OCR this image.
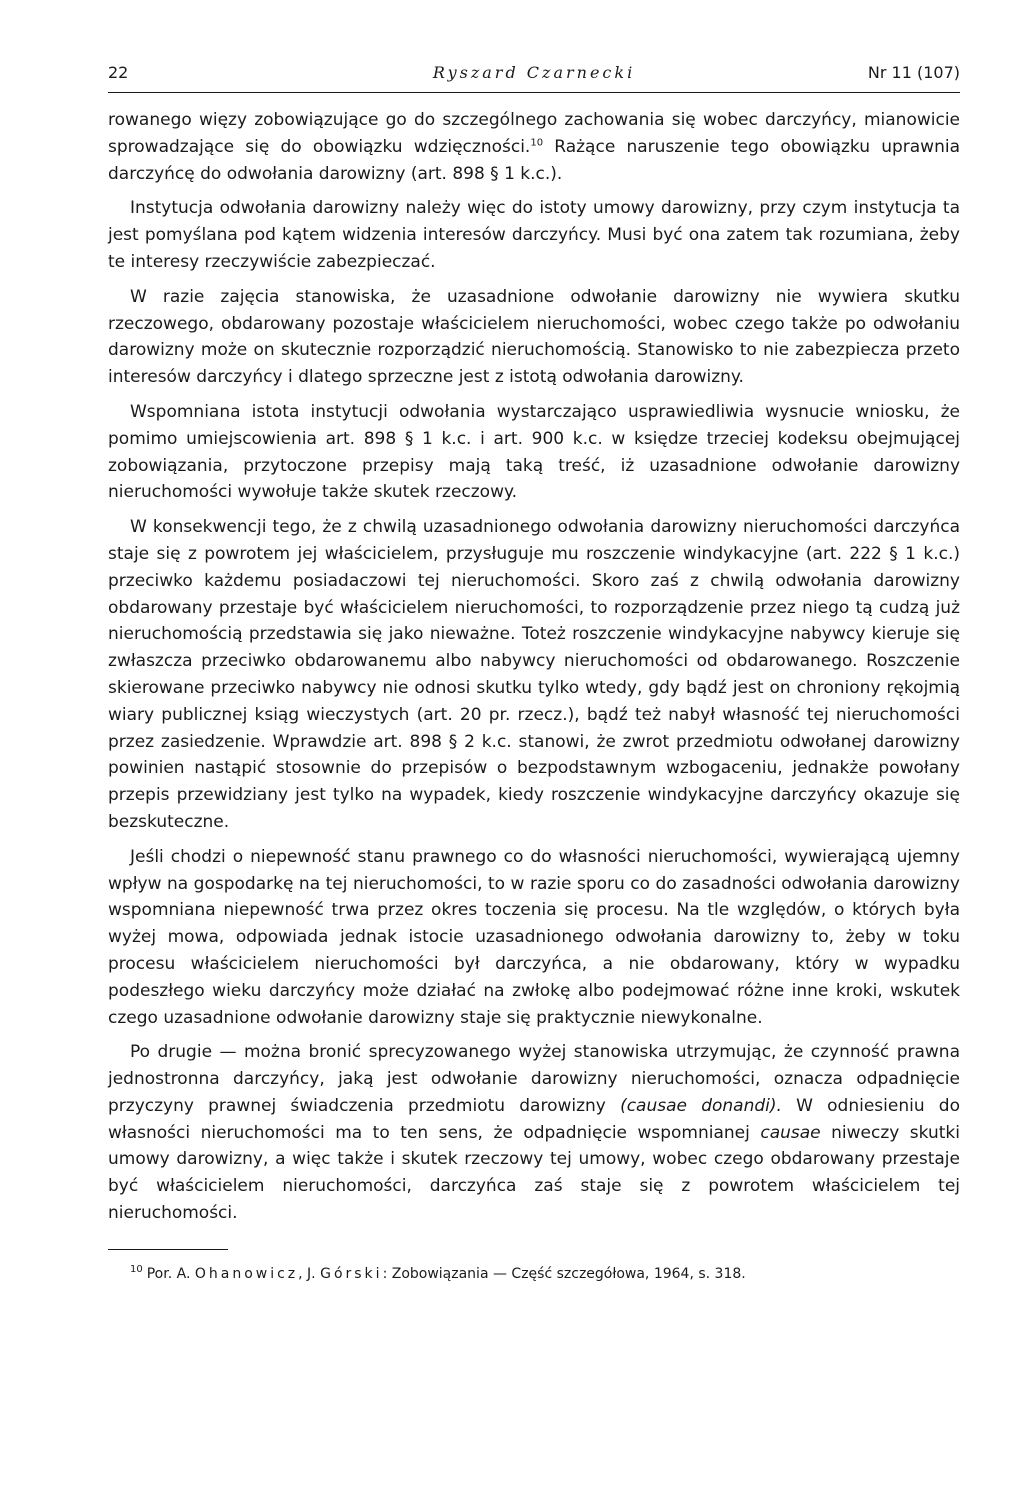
22	Ryszard Czarnecki	Nr 11 (107)

rowanego więzy zobowiązujące go do szczególnego zachowania się wobec darczyńcy, mianowicie sprowadzające się do obowiązku wdzięczności.$^{10}$ Rażące naruszenie tego obowiązku uprawnia darczyńcę do odwołania darowizny (art. 898 § 1 k.c.).

Instytucja odwołania darowizny należy więc do istoty umowy darowizny, przy czym instytucja ta jest pomyślana pod kątem widzenia interesów darczyńcy. Musi być ona zatem tak rozumiana, żeby te interesy rzeczywiście zabezpieczać.

W razie zajęcia stanowiska, że uzasadnione odwołanie darowizny nie wywiera skutku rzeczowego, obdarowany pozostaje właścicielem nieruchomości, wobec czego także po odwołaniu darowizny może on skutecznie rozporządzić nieruchomością. Stanowisko to nie zabezpiecza przeto interesów darczyńcy i dlatego sprzeczne jest z istotą odwołania darowizny.

Wspomniana istota instytucji odwołania wystarczająco usprawiedliwia wysnucie wniosku, że pomimo umiejscowienia art. 898 § 1 k.c. i art. 900 k.c. w księdze trzeciej kodeksu obejmującej zobowiązania, przytoczone przepisy mają taką treść, iż uzasadnione odwołanie darowizny nieruchomości wywołuje także skutek rzeczowy.

W konsekwencji tego, że z chwilą uzasadnionego odwołania darowizny nieruchomości darczyńca staje się z powrotem jej właścicielem, przysługuje mu roszczenie windykacyjne (art. 222 § 1 k.c.) przeciwko każdemu posiadaczowi tej nieruchomości. Skoro zaś z chwilą odwołania darowizny obdarowany przestaje być właścicielem nieruchomości, to rozporządzenie przez niego tą cudzą już nieruchomością przedstawia się jako nieważne. Toteż roszczenie windykacyjne nabywcy kieruje się zwłaszcza przeciwko obdarowanemu albo nabywcy nieruchomości od obdarowanego. Roszczenie skierowane przeciwko nabywcy nie odnosi skutku tylko wtedy, gdy bądź jest on chroniony rękojmią wiary publicznej ksiąg wieczystych (art. 20 pr. rzecz.), bądź też nabył własność tej nieruchomości przez zasiedzenie. Wprawdzie art. 898 § 2 k.c. stanowi, że zwrot przedmiotu odwołanej darowizny powinien nastąpić stosownie do przepisów o bezpodstawnym wzbogaceniu, jednakże powołany przepis przewidziany jest tylko na wypadek, kiedy roszczenie windykacyjne darczyńcy okazuje się bezskuteczne.

Jeśli chodzi o niepewność stanu prawnego co do własności nieruchomości, wywierającą ujemny wpływ na gospodarkę na tej nieruchomości, to w razie sporu co do zasadności odwołania darowizny wspomniana niepewność trwa przez okres toczenia się procesu. Na tle względów, o których była wyżej mowa, odpowiada jednak istocie uzasadnionego odwołania darowizny to, żeby w toku procesu właścicielem nieruchomości był darczyńca, a nie obdarowany, który w wypadku podeszłego wieku darczyńcy może działać na zwłokę albo podejmować różne inne kroki, wskutek czego uzasadnione odwołanie darowizny staje się praktycznie niewykonalne.

Po drugie — można bronić sprecyzowanego wyżej stanowiska utrzymując, że czynność prawna jednostronna darczyńcy, jaką jest odwołanie darowizny nieruchomości, oznacza odpadnięcie przyczyny prawnej świadczenia przedmiotu darowizny (causae donandi). W odniesieniu do własności nieruchomości ma to ten sens, że odpadnięcie wspomnianej causae niweczy skutki umowy darowizny, a więc także i skutek rzeczowy tej umowy, wobec czego obdarowany przestaje być właścicielem nieruchomości, darczyńca zaś staje się z powrotem właścicielem tej nieruchomości.

$^{10}$ Por. A. Ohanowicz, J. Górski: Zobowiązania — Część szczegółowa, 1964, s. 318.
